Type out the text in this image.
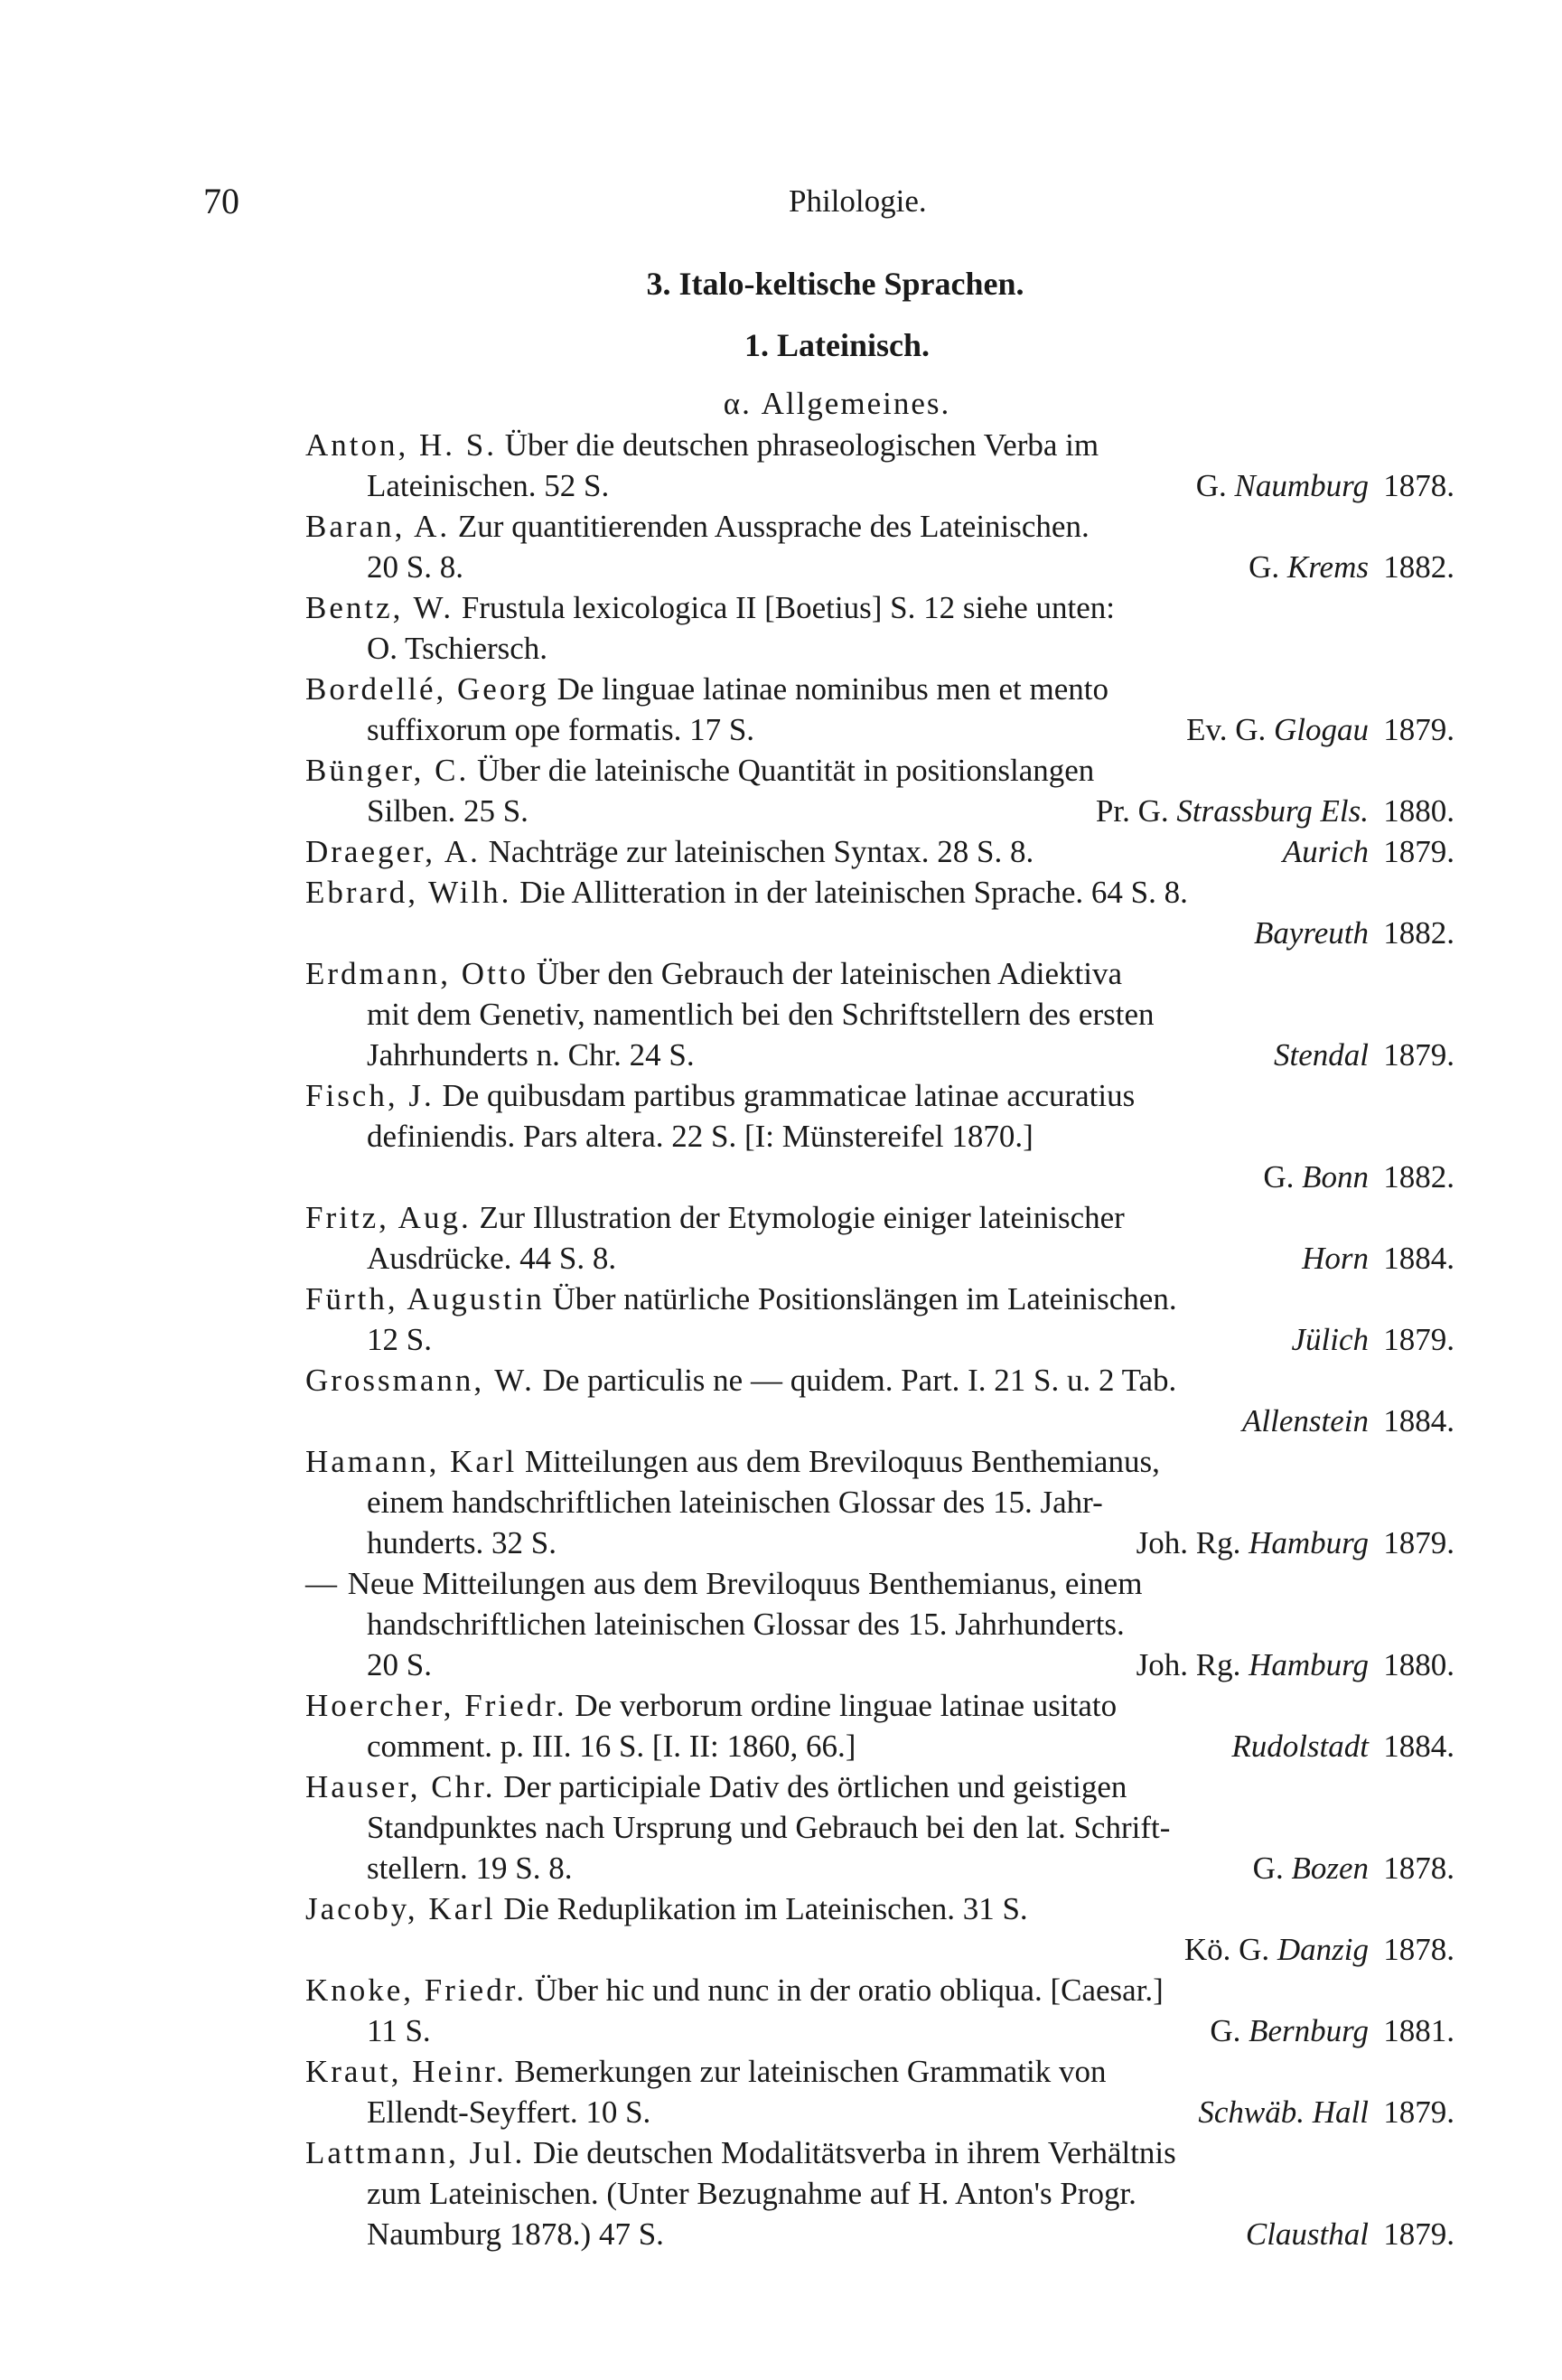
70	Philologie.
3. Italo-keltische Sprachen.
1. Lateinisch.
α. Allgemeines.
Anton, H. S. Über die deutschen phraseologischen Verba im
Lateinischen. 52 S.	G. Naumburg 1878.
Baran, A. Zur quantitierenden Aussprache des Lateinischen.
20 S. 8.	G. Krems 1882.
Bentz, W. Frustula lexicologica II [Boetius] S. 12 siehe unten:
O. Tschiersch.
Bordellé, Georg De linguae latinae nominibus men et mento
suffixorum ope formatis. 17 S.	Ev. G. Glogau 1879.
Bünger, C. Über die lateinische Quantität in positionslangen
Silben. 25 S.	Pr. G. Strassburg Els. 1880.
Draeger, A. Nachträge zur lateinischen Syntax. 28 S. 8.	Aurich 1879.
Ebrard, Wilh. Die Allitteration in der lateinischen Sprache. 64 S. 8.
Bayreuth 1882.
Erdmann, Otto Über den Gebrauch der lateinischen Adiektiva
mit dem Genetiv, namentlich bei den Schriftstellern des ersten
Jahrhunderts n. Chr. 24 S.	Stendal 1879.
Fisch, J. De quibusdam partibus grammaticae latinae accuratius
definiendis. Pars altera. 22 S. [I: Münstereifel 1870.]
G. Bonn 1882.
Fritz, Aug. Zur Illustration der Etymologie einiger lateinischer
Ausdrücke. 44 S. 8.	Horn 1884.
Fürth, Augustin Über natürliche Positionslängen im Lateinischen.
12 S.	Jülich 1879.
Grossmann, W. De particulis ne — quidem. Part. I. 21 S. u. 2 Tab.
Allenstein 1884.
Hamann, Karl Mitteilungen aus dem Breviloquus Benthemianus,
einem handschriftlichen lateinischen Glossar des 15. Jahr-
hunderts. 32 S.	Joh. Rg. Hamburg 1879.
— Neue Mitteilungen aus dem Breviloquus Benthemianus, einem
handschriftlichen lateinischen Glossar des 15. Jahrhunderts.
20 S.	Joh. Rg. Hamburg 1880.
Hoercher, Friedr. De verborum ordine linguae latinae usitato
comment. p. III. 16 S. [I. II: 1860, 66.]	Rudolstadt 1884.
Hauser, Chr. Der participiale Dativ des örtlichen und geistigen
Standpunktes nach Ursprung und Gebrauch bei den lat. Schrift-
stellern. 19 S. 8.	G. Bozen 1878.
Jacoby, Karl Die Reduplikation im Lateinischen. 31 S.
Kö. G. Danzig 1878.
Knoke, Friedr. Über hic und nunc in der oratio obliqua. [Caesar.]
11 S.	G. Bernburg 1881.
Kraut, Heinr. Bemerkungen zur lateinischen Grammatik von
Ellendt-Seyffert. 10 S.	Schwäb. Hall 1879.
Lattmann, Jul. Die deutschen Modalitätsverba in ihrem Verhältnis
zum Lateinischen. (Unter Bezugnahme auf H. Anton's Progr.
Naumburg 1878.) 47 S.	Clausthal 1879.
